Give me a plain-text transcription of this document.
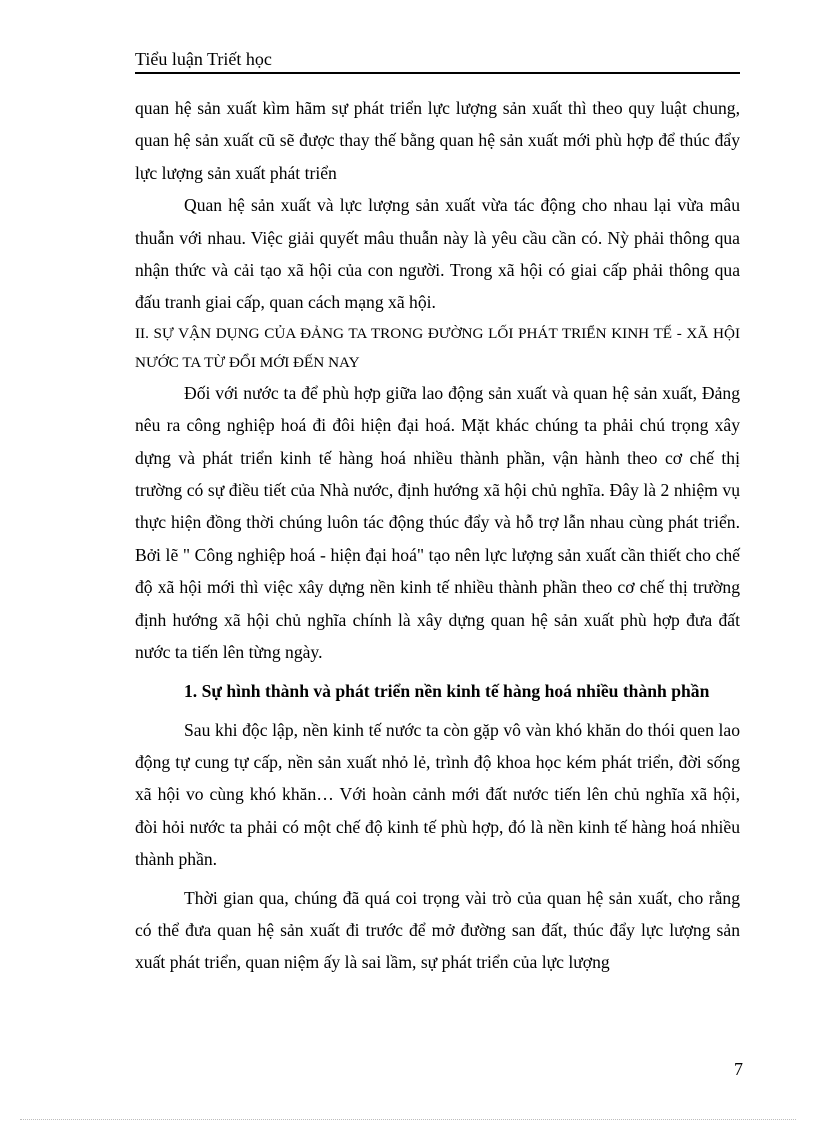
Tiểu luận Triết học

quan hệ sản xuất kìm hãm sự phát triển lực lượng sản xuất thì theo quy luật chung, quan hệ sản xuất cũ sẽ được thay thế bằng quan hệ sản xuất mới phù hợp để thúc đẩy lực lượng sản xuất phát triển

Quan hệ sản xuất và lực lượng sản xuất vừa tác động cho nhau lại vừa mâu thuẫn với nhau. Việc giải quyết mâu thuẫn này là yêu cầu cần có. Nỳ phải thông qua nhận thức và cải tạo xã hội của con người. Trong xã hội có giai cấp phải thông qua đấu tranh giai cấp, quan cách mạng xã hội.

II. SỰ VẬN DỤNG CỦA ĐẢNG TA TRONG ĐƯỜNG LỐI PHÁT TRIỂN KINH TẾ - XÃ HỘI NƯỚC TA TỪ ĐỔI MỚI ĐẾN NAY

Đối với nước ta để phù hợp giữa lao động sản xuất và quan hệ sản xuất, Đảng nêu ra công nghiệp hoá đi đôi hiện đại hoá. Mặt khác chúng ta phải chú trọng xây dựng và phát triển kinh tế hàng hoá nhiều thành phần, vận hành theo cơ chế thị trường có sự điều tiết của Nhà nước, định hướng xã hội chủ nghĩa. Đây là 2 nhiệm vụ thực hiện đồng thời chúng luôn tác động thúc đẩy và hỗ trợ lẫn nhau cùng phát triển. Bởi lẽ " Công nghiệp hoá - hiện đại hoá" tạo nên lực lượng sản xuất cần thiết cho chế độ xã hội mới thì việc xây dựng nền kinh tế nhiều thành phần theo cơ chế thị trường định hướng xã hội chủ nghĩa chính là xây dựng quan hệ sản xuất phù hợp đưa đất nước ta tiến lên từng ngày.

1. Sự hình thành và phát triển nền kinh tế hàng hoá nhiều thành phần

Sau khi độc lập, nền kinh tế nước ta còn gặp vô vàn khó khăn do thói quen lao động tự cung tự cấp, nền sản xuất nhỏ lẻ, trình độ khoa học kém phát triển, đời sống xã hội vo cùng khó khăn… Với hoàn cảnh mới đất nước tiến lên chủ nghĩa xã hội, đòi hỏi nước ta phải có một chế độ kinh tế phù hợp, đó là nền kinh tế hàng hoá nhiều thành phần.

Thời gian qua, chúng đã quá coi trọng vài trò của quan hệ sản xuất, cho rằng có thể đưa quan hệ sản xuất đi trước để mở đường san đất, thúc đẩy lực lượng sản xuất phát triển, quan niệm ấy là sai lầm, sự phát triển của lực lượng

7
